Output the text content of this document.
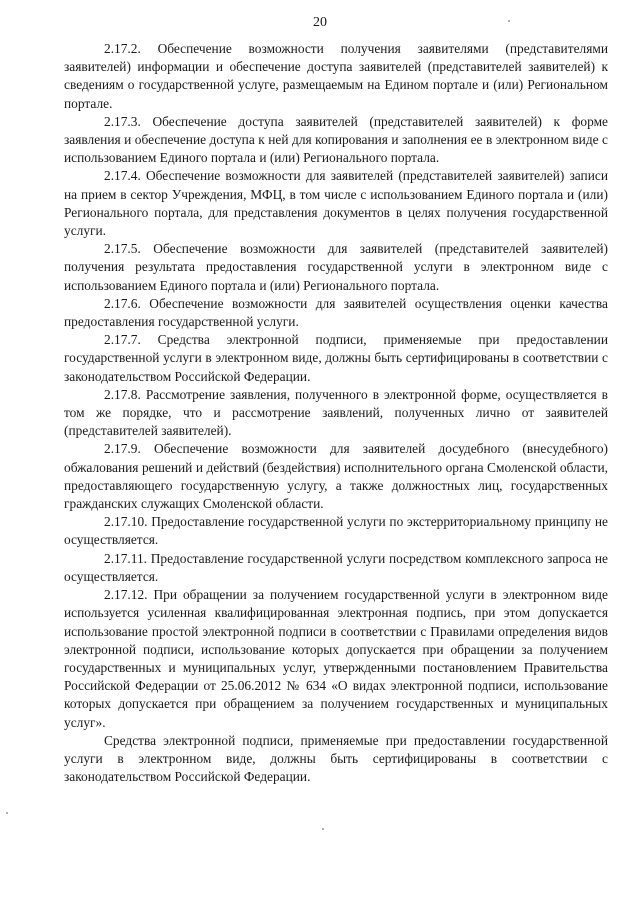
20

2.17.2. Обеспечение возможности получения заявителями (представителями заявителей) информации и обеспечение доступа заявителей (представителей заявителей) к сведениям о государственной услуге, размещаемым на Едином портале и (или) Региональном портале.

2.17.3. Обеспечение доступа заявителей (представителей заявителей) к форме заявления и обеспечение доступа к ней для копирования и заполнения ее в электронном виде с использованием Единого портала и (или) Регионального портала.

2.17.4. Обеспечение возможности для заявителей (представителей заявителей) записи на прием в сектор Учреждения, МФЦ, в том числе с использованием Единого портала и (или) Регионального портала, для представления документов в целях получения государственной услуги.

2.17.5. Обеспечение возможности для заявителей (представителей заявителей) получения результата предоставления государственной услуги в электронном виде с использованием Единого портала и (или) Регионального портала.

2.17.6. Обеспечение возможности для заявителей осуществления оценки качества предоставления государственной услуги.

2.17.7. Средства электронной подписи, применяемые при предоставлении государственной услуги в электронном виде, должны быть сертифицированы в соответствии с законодательством Российской Федерации.

2.17.8. Рассмотрение заявления, полученного в электронной форме, осуществляется в том же порядке, что и рассмотрение заявлений, полученных лично от заявителей (представителей заявителей).

2.17.9. Обеспечение возможности для заявителей досудебного (внесудебного) обжалования решений и действий (бездействия) исполнительного органа Смоленской области, предоставляющего государственную услугу, а также должностных лиц, государственных гражданских служащих Смоленской области.

2.17.10. Предоставление государственной услуги по экстерриториальному принципу не осуществляется.

2.17.11. Предоставление государственной услуги посредством комплексного запроса не осуществляется.

2.17.12. При обращении за получением государственной услуги в электронном виде используется усиленная квалифицированная электронная подпись, при этом допускается использование простой электронной подписи в соответствии с Правилами определения видов электронной подписи, использование которых допускается при обращении за получением государственных и муниципальных услуг, утвержденными постановлением Правительства Российской Федерации от 25.06.2012 № 634 «О видах электронной подписи, использование которых допускается при обращением за получением государственных и муниципальных услуг».

Средства электронной подписи, применяемые при предоставлении государственной услуги в электронном виде, должны быть сертифицированы в соответствии с законодательством Российской Федерации.
